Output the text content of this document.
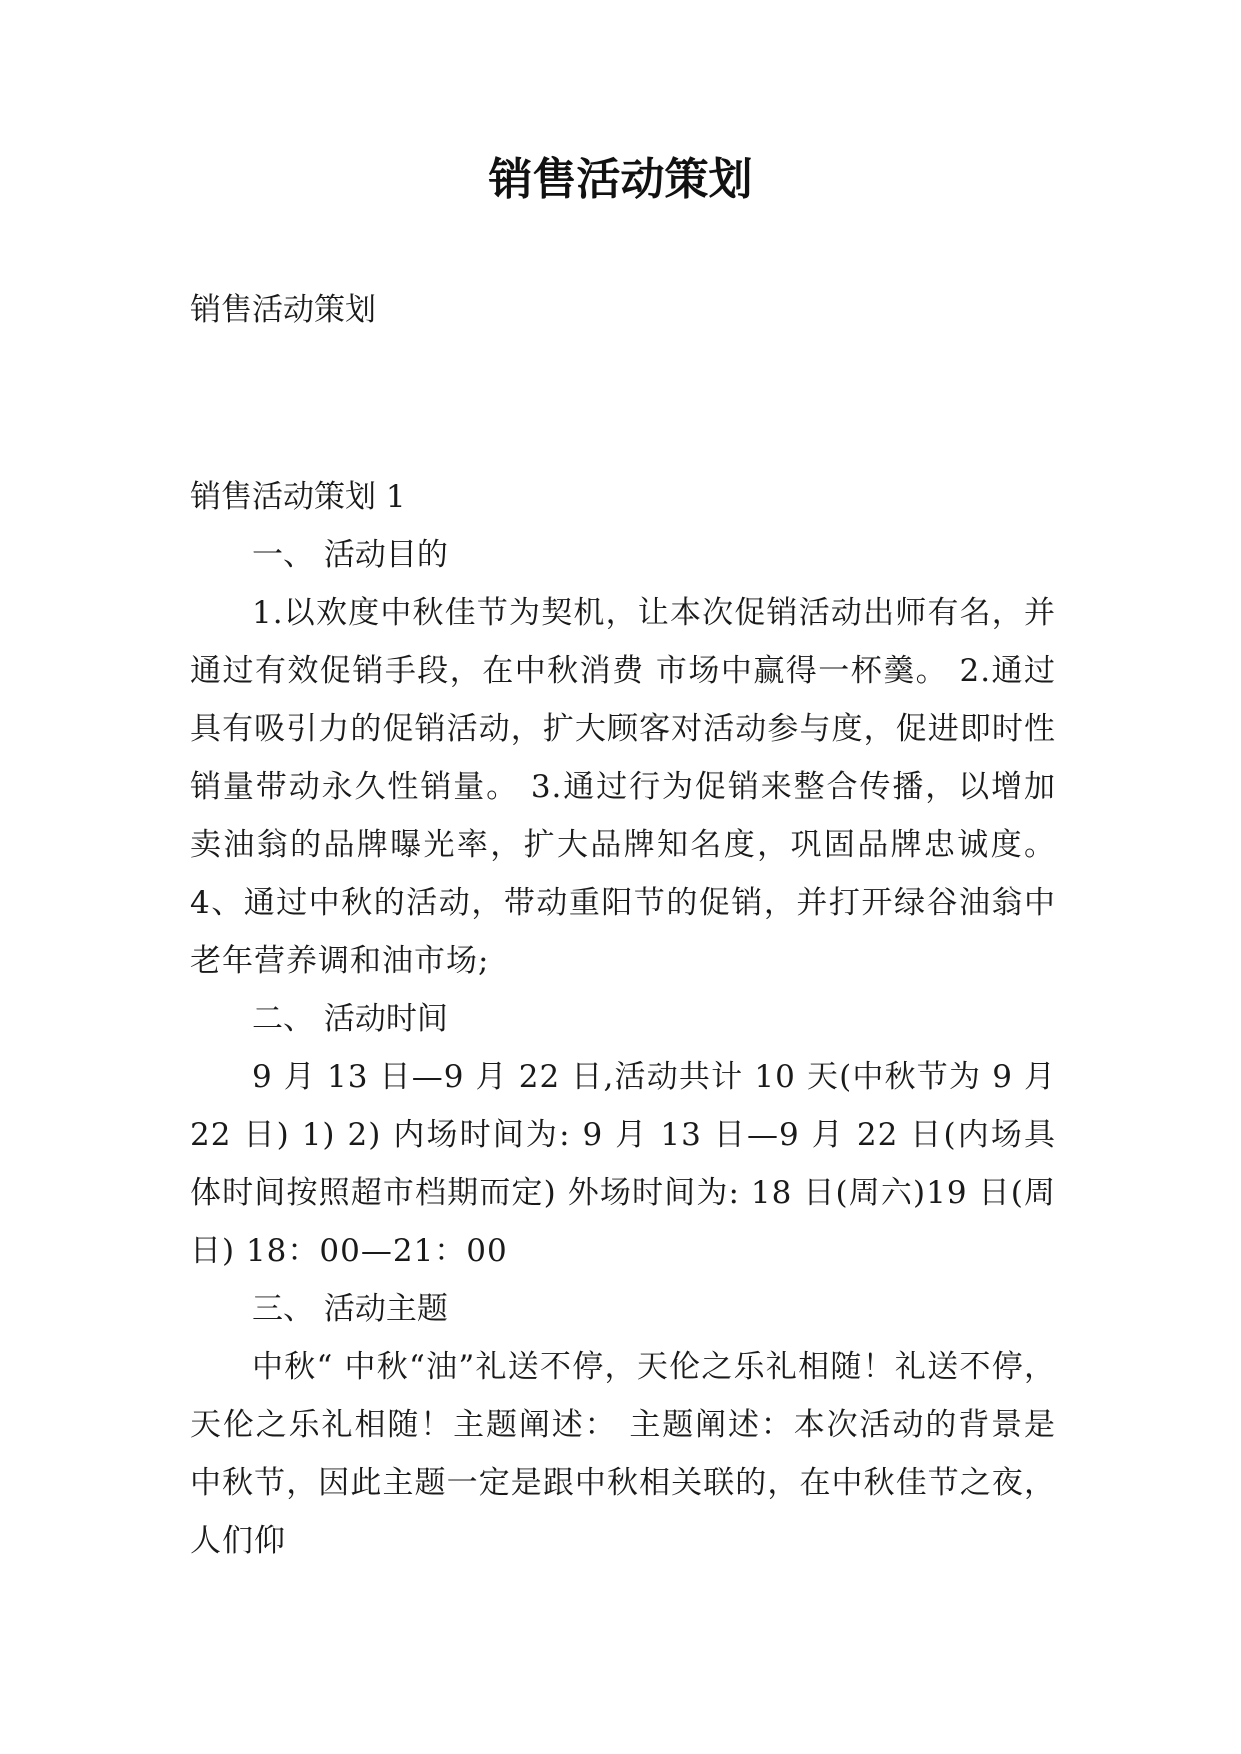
销售活动策划

销售活动策划

销售活动策划 1

一、 活动目的

1.以欢度中秋佳节为契机，让本次促销活动出师有名，并通过有效促销手段，在中秋消费 市场中赢得一杯羹。 2.通过具有吸引力的促销活动，扩大顾客对活动参与度，促进即时性销量带动永久性销量。 3.通过行为促销来整合传播，以增加卖油翁的品牌曝光率，扩大品牌知名度，巩固品牌忠诚度。 4、通过中秋的活动，带动重阳节的促销，并打开绿谷油翁中老年营养调和油市场;

二、 活动时间

9 月 13 日—9 月 22 日,活动共计 10 天(中秋节为 9 月 22 日) 1) 2) 内场时间为: 9 月 13 日—9 月 22 日(内场具体时间按照超市档期而定) 外场时间为: 18 日(周六)19 日(周日) 18：00—21：00

三、 活动主题

中秋“ 中秋“油”礼送不停，天伦之乐礼相随！礼送不停，天伦之乐礼相随！主题阐述： 主题阐述：本次活动的背景是中秋节，因此主题一定是跟中秋相关联的，在中秋佳节之夜，人们仰
